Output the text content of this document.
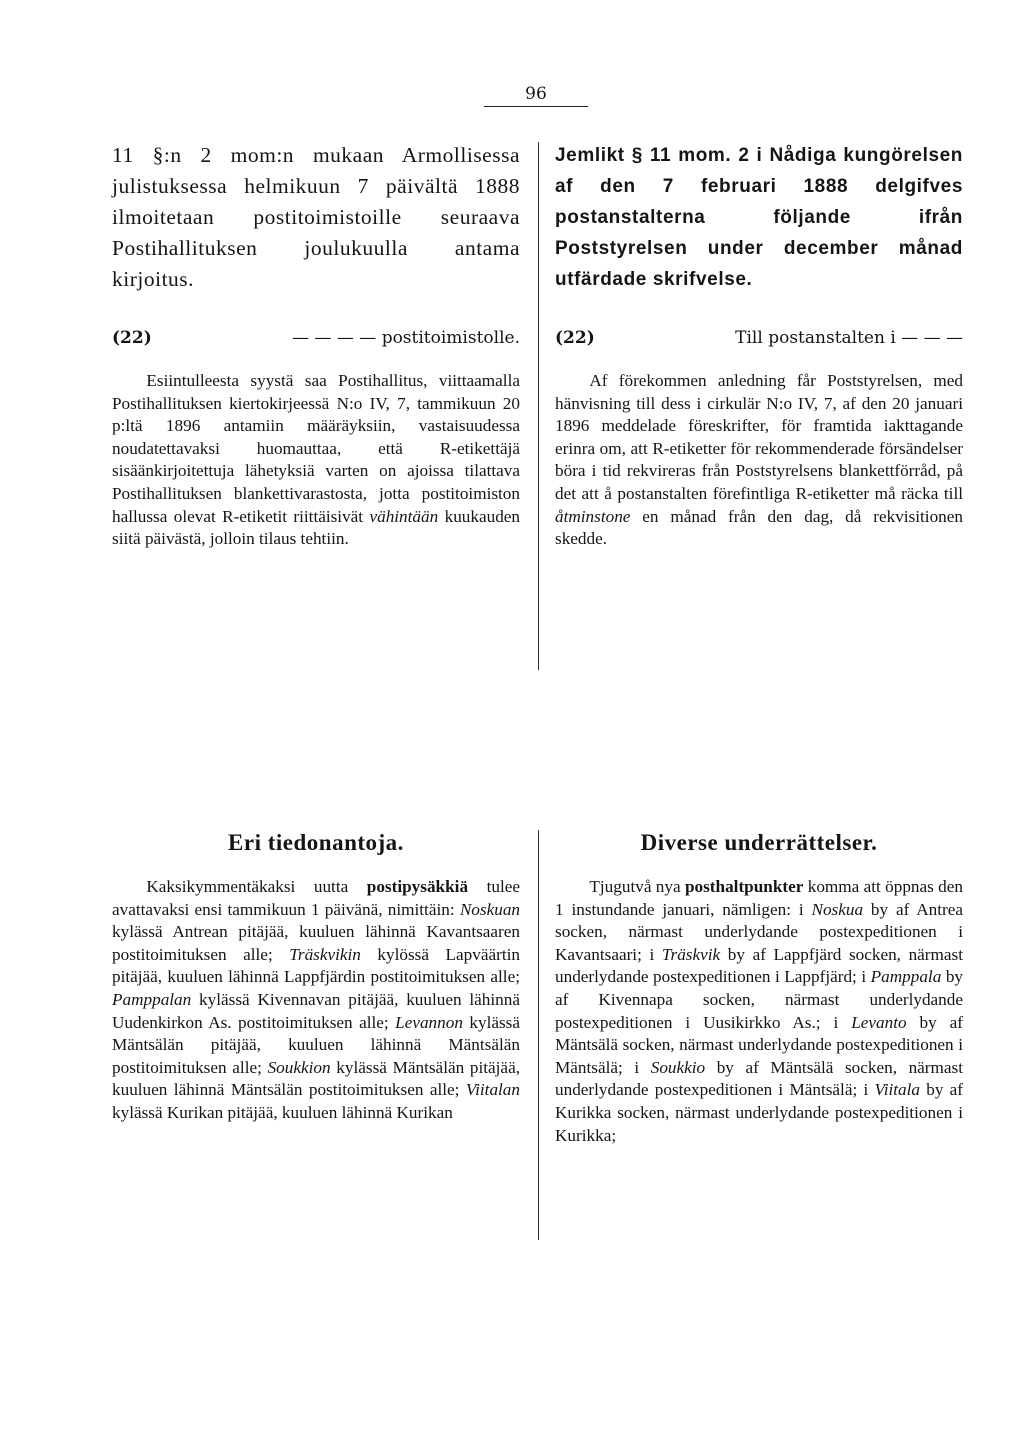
96

11 §:n 2 mom:n mukaan Armollisessa julistuksessa helmikuun 7 päivältä 1888 ilmoitetaan postitoimistoille seuraava Postihallituksen joulukuulla antama kirjoitus.

(22)	— — — — postitoimistolle.

Esiintulleesta syystä saa Postihallitus, viittaamalla Postihallituksen kiertokirjeessä N:o IV, 7, tammikuun 20 p:ltä 1896 antamiin määräyksiin, vastaisuudessa noudatettavaksi huomauttaa, että R-etikettäjä sisäänkirjoitettuja lähetyksiä varten on ajoissa tilattava Postihallituksen blankettivarastosta, jotta postitoimiston hallussa olevat R-etiketit riittäisivät vähintään kuukauden siitä päivästä, jolloin tilaus tehtiin.

Jemlikt § 11 mom. 2 i Nådiga kungörelsen af den 7 februari 1888 delgifves postanstalterna följande ifrån Poststyrelsen under december månad utfärdade skrifvelse.

(22)	Till postanstalten i — — —

Af förekommen anledning får Poststyrelsen, med hänvisning till dess i cirkulär N:o IV, 7, af den 20 januari 1896 meddelade föreskrifter, för framtida iakttagande erinra om, att R-etiketter för rekommenderade försändelser böra i tid rekvireras från Poststyrelsens blankettförråd, på det att å postanstalten förefintliga R-etiketter må räcka till åtminstone en månad från den dag, då rekvisitionen skedde.

Eri tiedonantoja.

Kaksikymmentäkaksi uutta postipysäkkiä tulee avattavaksi ensi tammikuun 1 päivänä, nimittäin: Noskuan kylässä Antrean pitäjää, kuuluen lähinnä Kavantsaaren postitoimituksen alle; Träskvikin kylössä Lapväärtin pitäjää, kuuluen lähinnä Lappfjärdin postitoimituksen alle; Pamppalan kylässä Kivennavan pitäjää, kuuluen lähinnä Uudenkirkon As. postitoimituksen alle; Levannon kylässä Mäntsälän pitäjää, kuuluen lähinnä Mäntsälän postitoimituksen alle; Soukkion kylässä Mäntsälän pitäjää, kuuluen lähinnä Mäntsälän postitoimituksen alle; Viitalan kylässä Kurikan pitäjää, kuuluen lähinnä Kurikan

Diverse underrättelser.

Tjugutvå nya posthaltpunkter komma att öppnas den 1 instundande januari, nämligen: i Noskua by af Antrea socken, närmast underlydande postexpeditionen i Kavantsaari; i Träskvik by af Lappfjärd socken, närmast underlydande postexpeditionen i Lappfjärd; i Pamppala by af Kivennapa socken, närmast underlydande postexpeditionen i Uusikirkko As.; i Levanto by af Mäntsälä socken, närmast underlydande postexpeditionen i Mäntsälä; i Soukkio by af Mäntsälä socken, närmast underlydande postexpeditionen i Mäntsälä; i Viitala by af Kurikka socken, närmast underlydande postexpeditionen i Kurikka;
